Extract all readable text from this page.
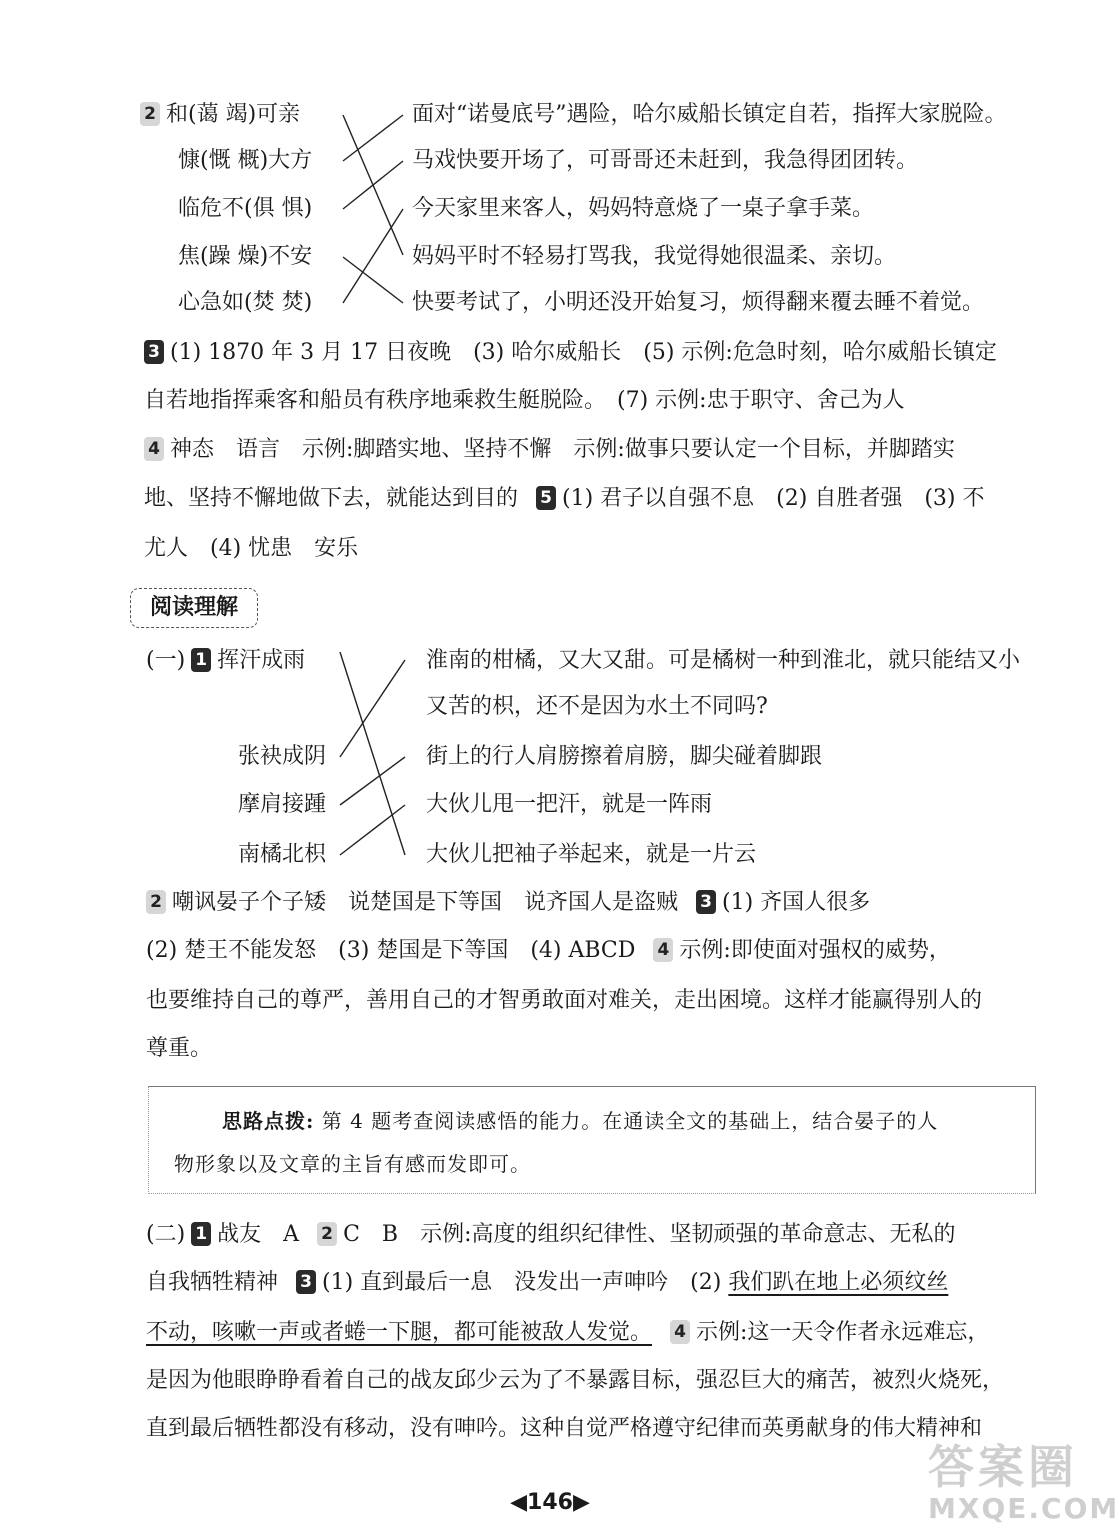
2 和(蔼 竭)可亲
慷(慨 概)大方
临危不(俱 惧)
焦(躁 燥)不安
心急如(焚 焚)
面对“诺曼底号”遇险，哈尔威船长镇定自若，指挥大家脱险。
马戏快要开场了，可哥哥还未赶到，我急得团团转。
今天家里来客人，妈妈特意烧了一桌子拿手菜。
妈妈平时不轻易打骂我，我觉得她很温柔、亲切。
快要考试了，小明还没开始复习，烦得翻来覆去睡不着觉。
3 (1) 1870 年 3 月 17 日夜晚　(3) 哈尔威船长　(5) 示例:危急时刻，哈尔威船长镇定
自若地指挥乘客和船员有秩序地乘救生艇脱险。　(7) 示例:忠于职守、舍己为人
4 神态　语言　示例:脚踏实地、坚持不懈　示例:做事只要认定一个目标，并脚踏实
地、坚持不懈地做下去，就能达到目的 5 (1) 君子以自强不息　(2) 自胜者强　(3) 不
尤人　(4) 忧患　安乐
阅读理解
(一) 1 挥汗成雨
张袂成阴
摩肩接踵
南橘北枳
淮南的柑橘，又大又甜。可是橘树一种到淮北，就只能结又小
又苦的枳，还不是因为水土不同吗?
街上的行人肩膀擦着肩膀，脚尖碰着脚跟
大伙儿甩一把汗，就是一阵雨
大伙儿把袖子举起来，就是一片云
2 嘲讽晏子个子矮　说楚国是下等国　说齐国人是盗贼 3 (1) 齐国人很多
(2) 楚王不能发怒　(3) 楚国是下等国　(4) ABCD 4 示例:即使面对强权的威势，
也要维持自己的尊严，善用自己的才智勇敢面对难关，走出困境。这样才能赢得别人的
尊重。
思路点拨: 第 4 题考查阅读感悟的能力。在通读全文的基础上，结合晏子的人
物形象以及文章的主旨有感而发即可。
(二) 1 战友　A 2 C　B　示例:高度的组织纪律性、坚韧顽强的革命意志、无私的
自我牺牲精神 3 (1) 直到最后一息　没发出一声呻吟　(2) 我们趴在地上必须纹丝
不动，咳嗽一声或者蜷一下腿，都可能被敌人发觉。 4 示例:这一天令作者永远难忘，
是因为他眼睁睁看着自己的战友邱少云为了不暴露目标，强忍巨大的痛苦，被烈火烧死，
直到最后牺牲都没有移动，没有呻吟。这种自觉严格遵守纪律而英勇献身的伟大精神和
◀146▶
答案圈
MXQE.COM
